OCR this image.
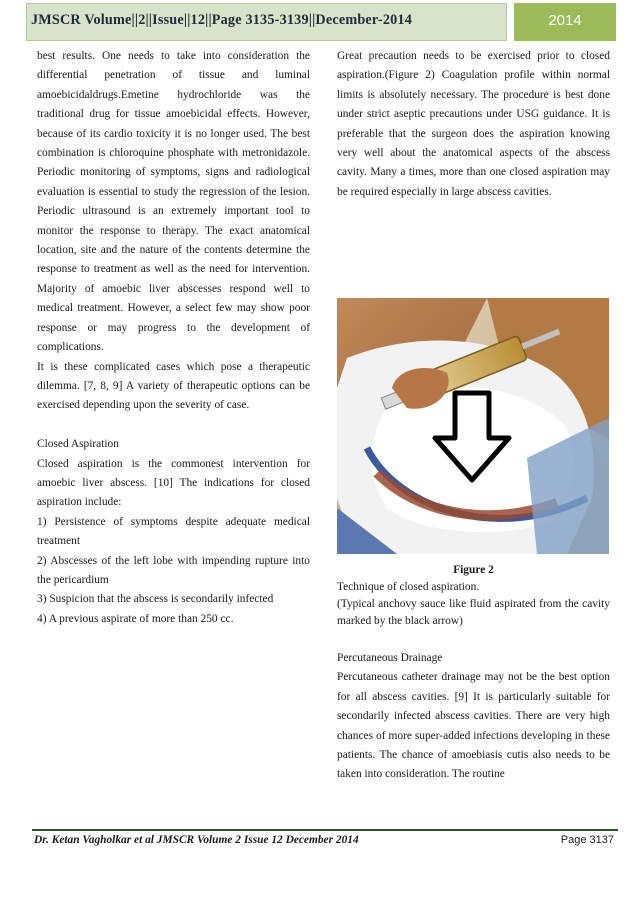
JMSCR Volume||2||Issue||12||Page 3135-3139||December-2014	2014

best results. One needs to take into consideration the differential penetration of tissue and luminal amoebicidaldrugs.Emetine hydrochloride was the traditional drug for tissue amoebicidal effects. However, because of its cardio toxicity it is no longer used. The best combination is chloroquine phosphate with metronidazole. Periodic monitoring of symptoms, signs and radiological evaluation is essential to study the regression of the lesion. Periodic ultrasound is an extremely important tool to monitor the response to therapy. The exact anatomical location, site and the nature of the contents determine the response to treatment as well as the need for intervention. Majority of amoebic liver abscesses respond well to medical treatment. However, a select few may show poor response or may progress to the development of complications.

It is these complicated cases which pose a therapeutic dilemma. [7, 8, 9] A variety of therapeutic options can be exercised depending upon the severity of case.

Closed Aspiration

Closed aspiration is the commonest intervention for amoebic liver abscess. [10] The indications for closed aspiration include:

1) Persistence of symptoms despite adequate medical treatment

2) Abscesses of the left lobe with impending rupture into the pericardium

3) Suspicion that the abscess is secondarily infected

4) A previous aspirate of more than 250 cc.

Great precaution needs to be exercised prior to closed aspiration.(Figure 2) Coagulation profile within normal limits is absolutely necessary. The procedure is best done under strict aseptic precautions under USG guidance. It is preferable that the surgeon does the aspiration knowing very well about the anatomical aspects of the abscess cavity. Many a times, more than one closed aspiration may be required especially in large abscess cavities.

Figure 2

Technique of closed aspiration.

(Typical anchovy sauce like fluid aspirated from the cavity marked by the black arrow)

Percutaneous Drainage

Percutaneous catheter drainage may not be the best option for all abscess cavities. [9] It is particularly suitable for secondarily infected abscess cavities. There are very high chances of more super-added infections developing in these patients. The chance of amoebiasis cutis also needs to be taken into consideration. The routine

Dr. Ketan Vagholkar et al JMSCR Volume 2 Issue 12 December 2014	Page 3137
